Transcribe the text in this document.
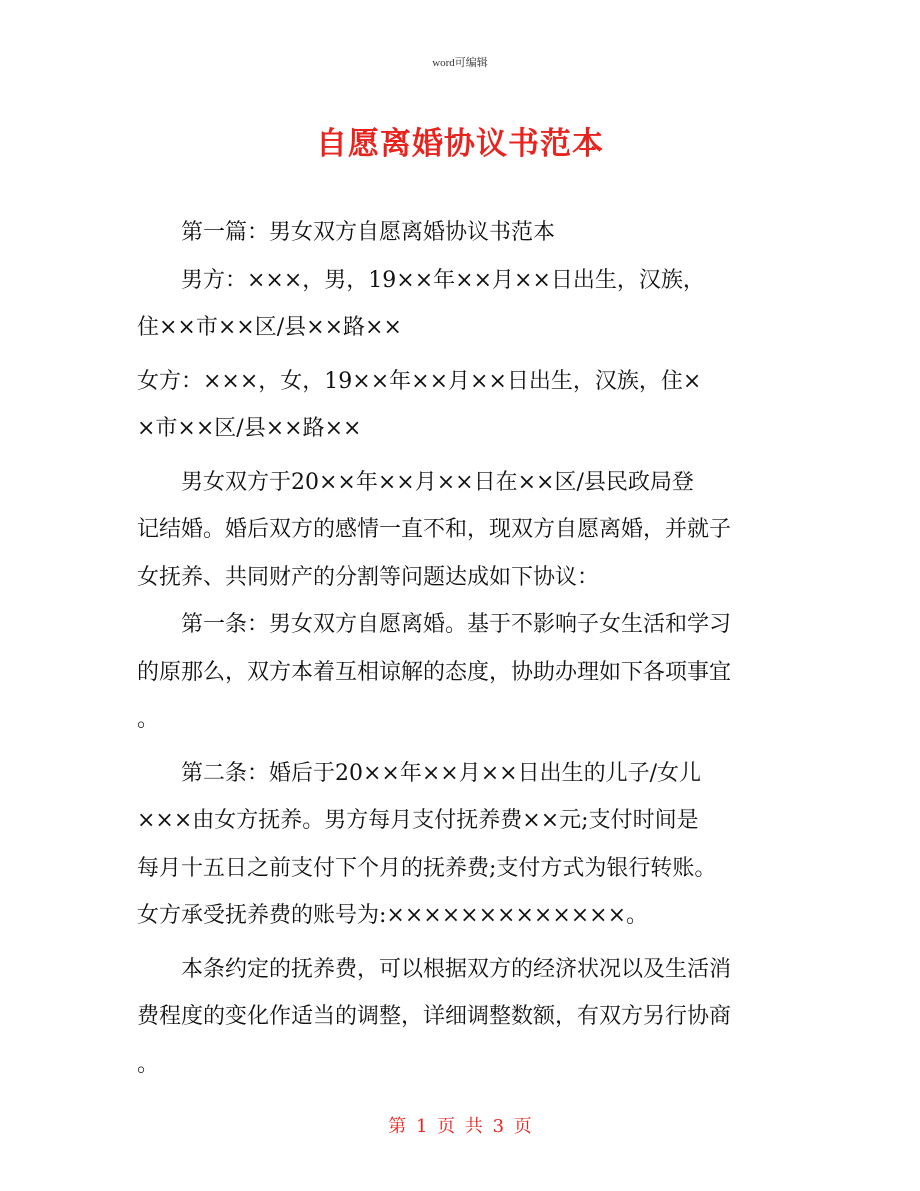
word可编辑
自愿离婚协议书范本

第一篇：男女双方自愿离婚协议书范本

男方：×××，男，19××年××月××日出生，汉族，

住××市××区/县××路××

女方：×××，女，19××年××月××日出生，汉族，住×

×市××区/县××路××

男女双方于20××年××月××日在××区/县民政局登

记结婚。婚后双方的感情一直不和，现双方自愿离婚，并就子

女抚养、共同财产的分割等问题达成如下协议：

第一条：男女双方自愿离婚。基于不影响子女生活和学习

的原那么，双方本着互相谅解的态度，协助办理如下各项事宜

。

第二条：婚后于20××年××月××日出生的儿子/女儿

×××由女方抚养。男方每月支付抚养费××元;支付时间是

每月十五日之前支付下个月的抚养费;支付方式为银行转账。

女方承受抚养费的账号为:×××××××××××××。

本条约定的抚养费，可以根据双方的经济状况以及生活消

费程度的变化作适当的调整，详细调整数额，有双方另行协商

。

第 1 页 共 3 页
